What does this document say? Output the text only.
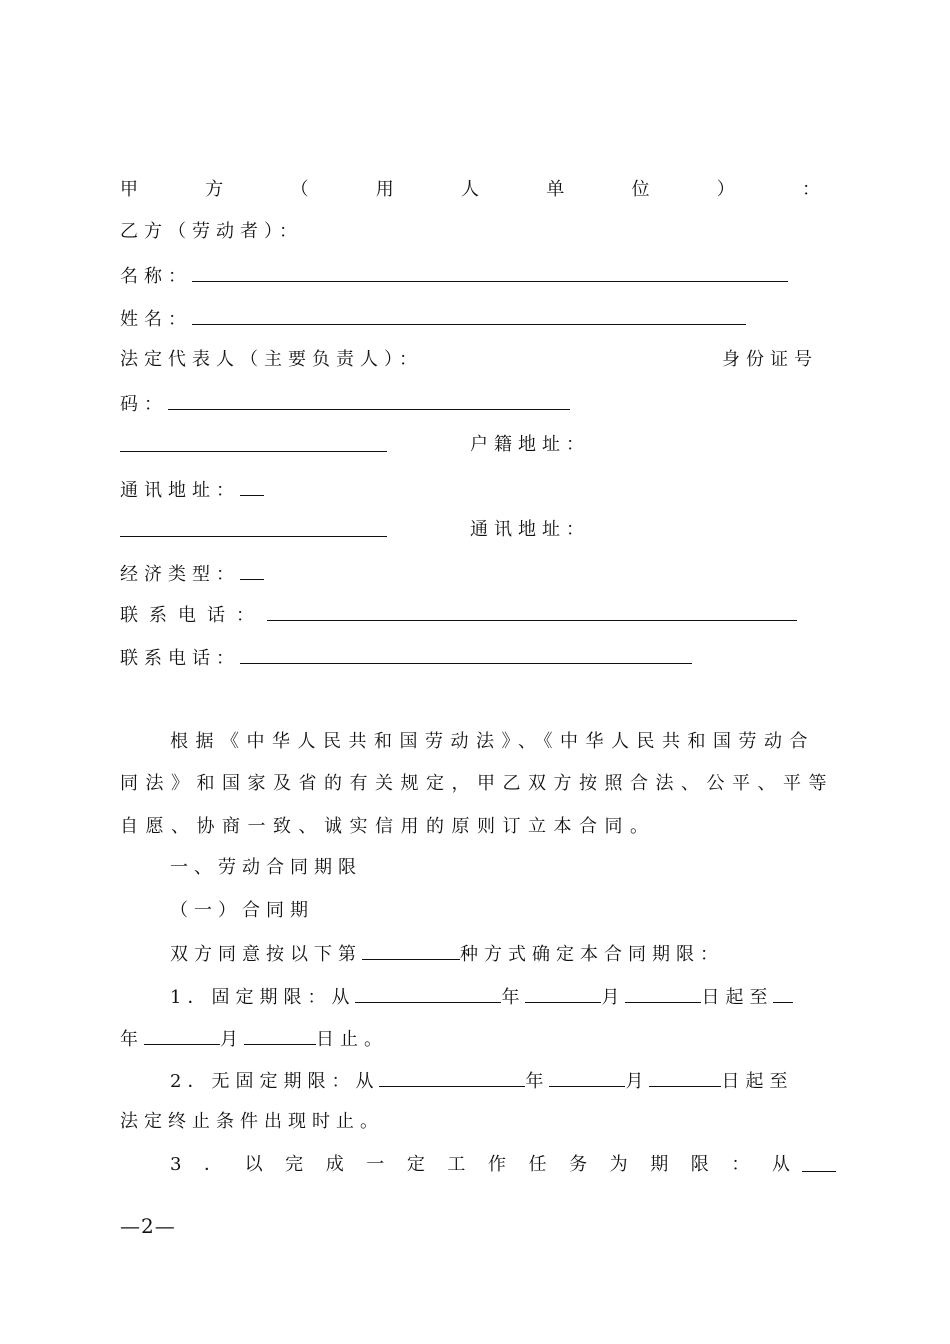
甲	方	（	用	人	单	位	）	：
乙方（劳动者）：
名称：
姓名：
法定代表人（主要负责人）：	身份证号
码：
户籍地址：
通讯地址：
通讯地址：
经济类型：
联系电话：
联系电话：
根据《中华人民共和国劳动法》、《中华人民共和国劳动合
同法》和国家及省的有关规定，甲乙双方按照合法、公平、平等
自愿、协商一致、诚实信用的原则订立本合同。
一、劳动合同期限
（一）合同期
双方同意按以下第	种方式确定本合同期限：
1．固定期限：从	年	月	日起至
年	月	日止。
2．无固定期限：从	年	月	日起至
法定终止条件出现时止。
3 ． 以 完 成 一 定 工 作 任 务 为 期 限 ： 从
—2—
